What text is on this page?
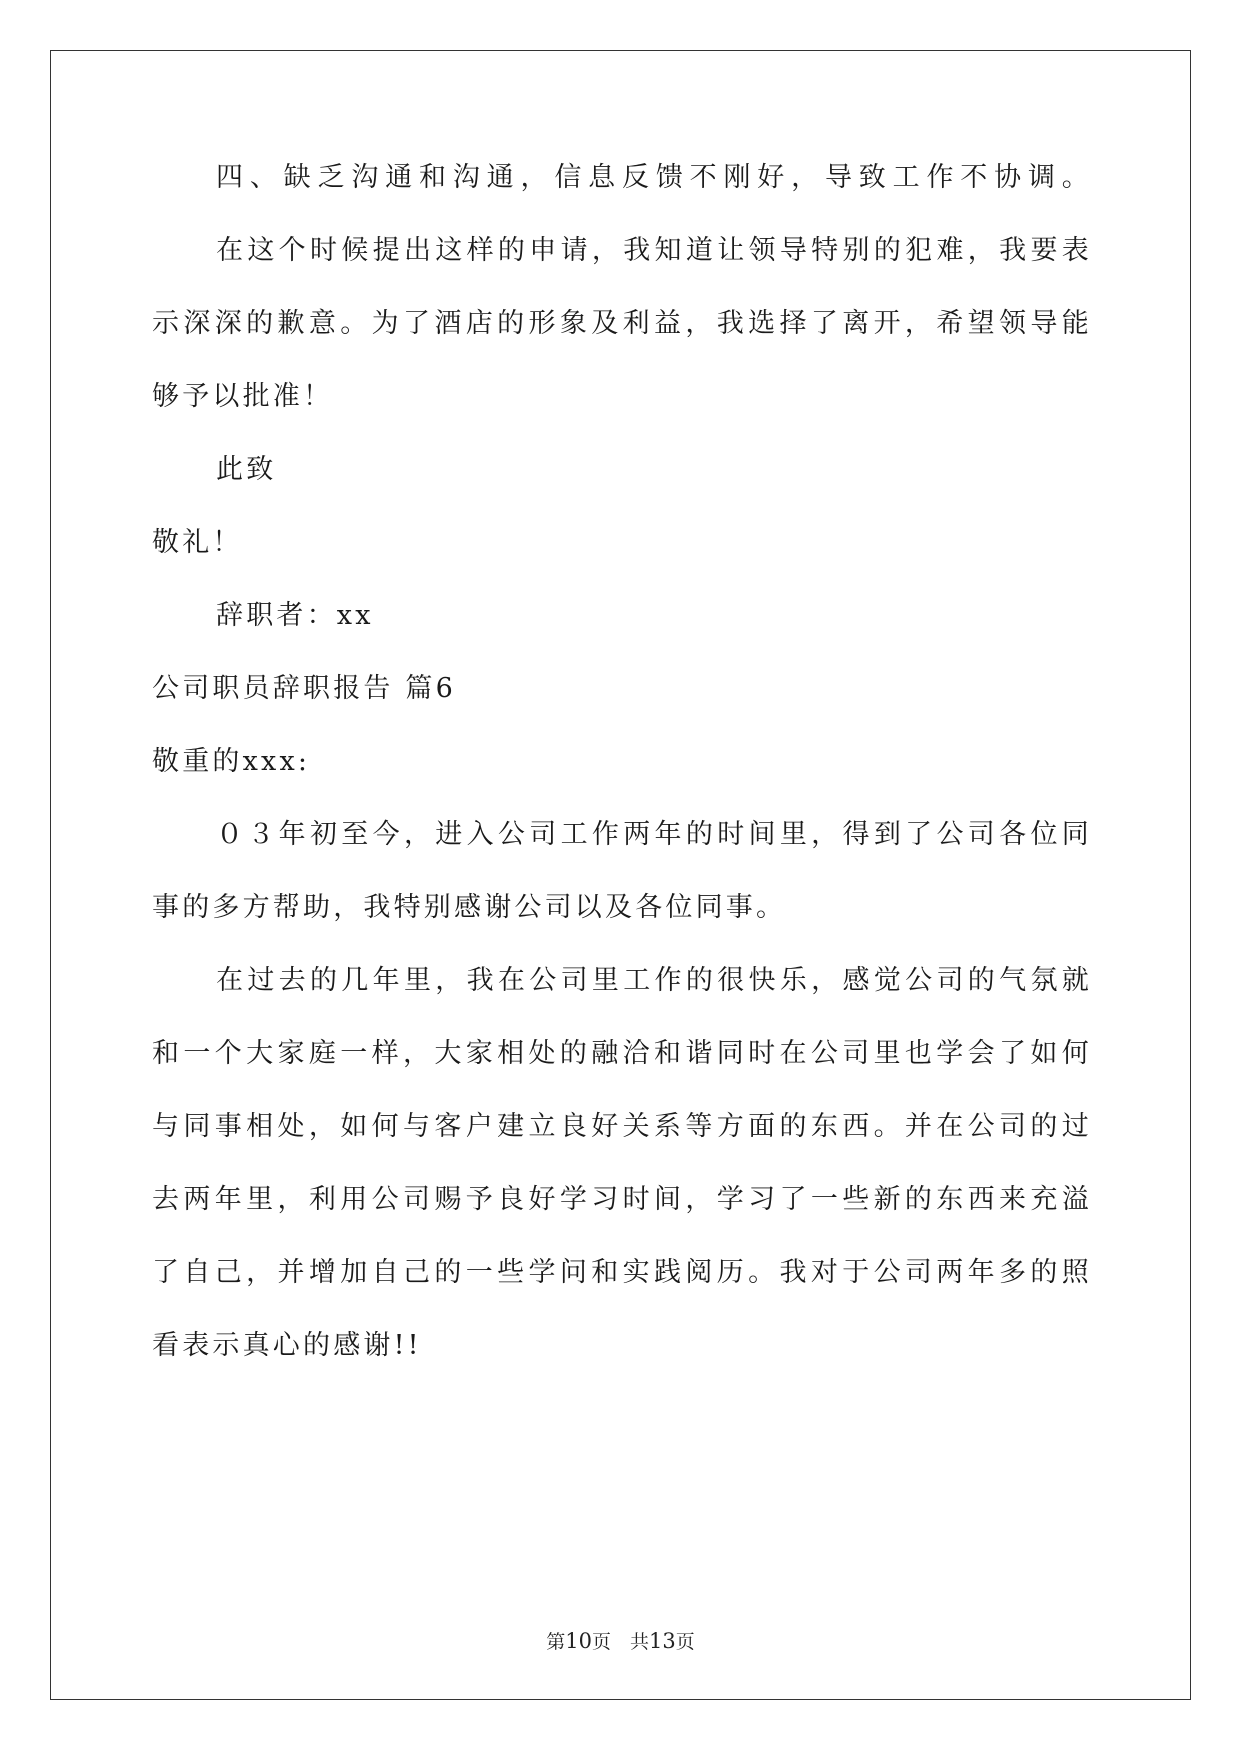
四、缺乏沟通和沟通，信息反馈不刚好，导致工作不协调。
在这个时候提出这样的申请，我知道让领导特别的犯难，我要表
示深深的歉意。为了酒店的形象及利益，我选择了离开，希望领导能
够予以批准！
此致
敬礼！
辞职者：xx
公司职员辞职报告 篇6
敬重的xxx:
０３年初至今，进入公司工作两年的时间里，得到了公司各位同
事的多方帮助，我特别感谢公司以及各位同事。
在过去的几年里，我在公司里工作的很快乐，感觉公司的气氛就
和一个大家庭一样，大家相处的融洽和谐同时在公司里也学会了如何
与同事相处，如何与客户建立良好关系等方面的东西。并在公司的过
去两年里，利用公司赐予良好学习时间，学习了一些新的东西来充溢
了自己，并增加自己的一些学问和实践阅历。我对于公司两年多的照
看表示真心的感谢!!
第10页　共13页
